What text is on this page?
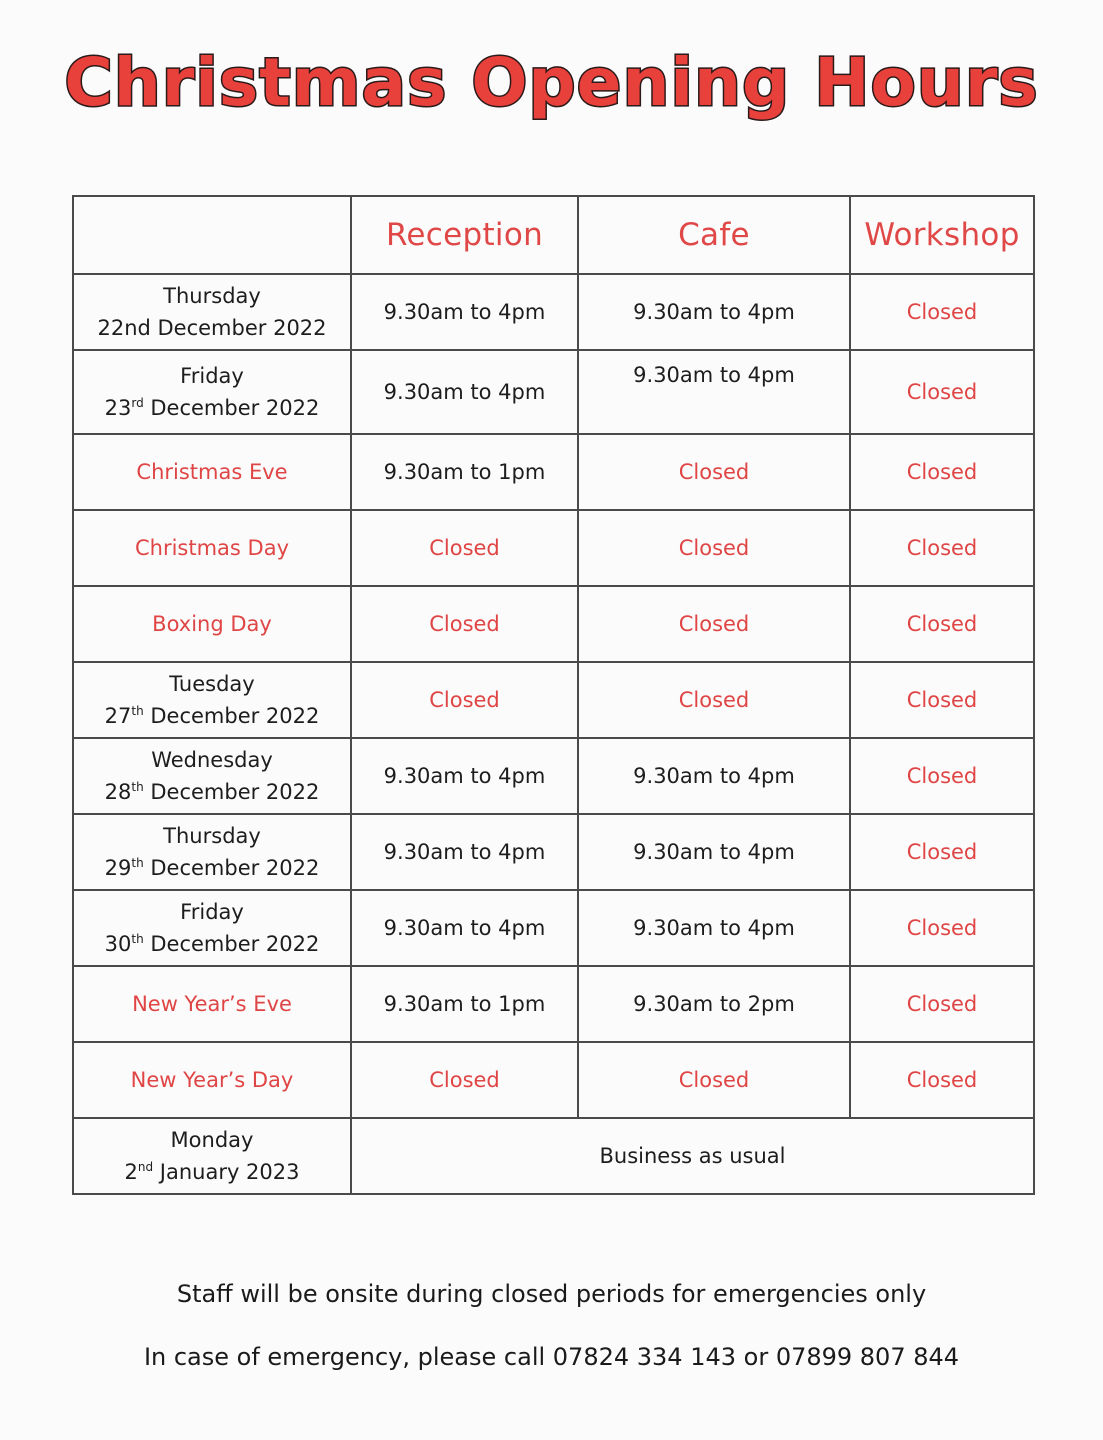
Christmas Opening Hours
	Reception	Cafe	Workshop

Thursday
22nd December 2022	9.30am to 4pm	9.30am to 4pm	Closed

Friday
23rd December 2022	9.30am to 4pm	9.30am to 4pm	Closed
Christmas Eve	9.30am to 1pm	Closed	Closed
Christmas Day	Closed	Closed	Closed
Boxing Day	Closed	Closed	Closed

Tuesday
27th December 2022	Closed	Closed	Closed

Wednesday
28th December 2022	9.30am to 4pm	9.30am to 4pm	Closed

Thursday
29th December 2022	9.30am to 4pm	9.30am to 4pm	Closed

Friday
30th December 2022	9.30am to 4pm	9.30am to 4pm	Closed
New Year’s Eve	9.30am to 1pm	9.30am to 2pm	Closed
New Year’s Day	Closed	Closed	Closed

Monday
2nd January 2023	Business as usual		
Staff will be onsite during closed periods for emergencies only
In case of emergency, please call 07824 334 143 or 07899 807 844
